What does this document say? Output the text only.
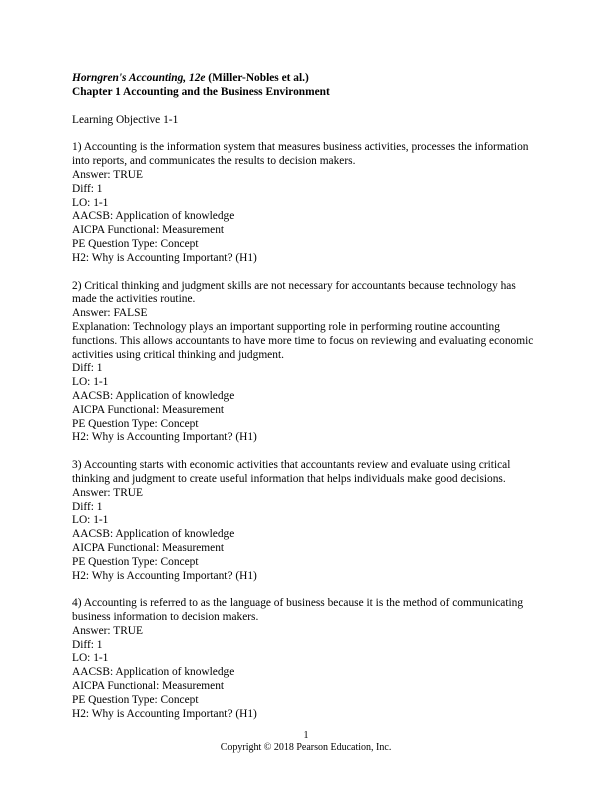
Horngren's Accounting, 12e (Miller-Nobles et al.)
Chapter 1 Accounting and the Business Environment
Learning Objective 1-1
1) Accounting is the information system that measures business activities, processes the information into reports, and communicates the results to decision makers.
Answer: TRUE
Diff: 1
LO: 1-1
AACSB: Application of knowledge
AICPA Functional: Measurement
PE Question Type: Concept
H2: Why is Accounting Important? (H1)
2) Critical thinking and judgment skills are not necessary for accountants because technology has made the activities routine.
Answer: FALSE
Explanation: Technology plays an important supporting role in performing routine accounting functions. This allows accountants to have more time to focus on reviewing and evaluating economic activities using critical thinking and judgment.
Diff: 1
LO: 1-1
AACSB: Application of knowledge
AICPA Functional: Measurement
PE Question Type: Concept
H2: Why is Accounting Important? (H1)
3) Accounting starts with economic activities that accountants review and evaluate using critical thinking and judgment to create useful information that helps individuals make good decisions.
Answer: TRUE
Diff: 1
LO: 1-1
AACSB: Application of knowledge
AICPA Functional: Measurement
PE Question Type: Concept
H2: Why is Accounting Important? (H1)
4) Accounting is referred to as the language of business because it is the method of communicating business information to decision makers.
Answer: TRUE
Diff: 1
LO: 1-1
AACSB: Application of knowledge
AICPA Functional: Measurement
PE Question Type: Concept
H2: Why is Accounting Important? (H1)
1
Copyright © 2018 Pearson Education, Inc.
